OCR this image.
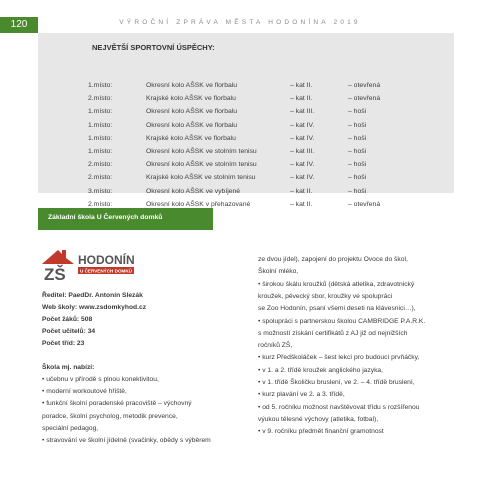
120	VÝROČNÍ ZPRÁVA MĚSTA HODONÍNA 2019
NEJVĚTŠÍ SPORTOVNÍ ÚSPĚCHY:
1.místo:	Okresní kolo AŠSK ve florbalu	– kat II.	– otevřená
2.místo:	Krajské kolo AŠSK ve florbalu	– kat II.	– otevřená
1.místo:	Okresní kolo AŠSK ve florbalu	– kat III.	– hoši
1.místo:	Okresní kolo AŠSK ve florbalu	– kat IV.	– hoši
1.místo:	Krajské kolo AŠSK ve florbalu	– kat IV.	– hoši
1.místo:	Okresní kolo AŠSK ve stolním tenisu	– kat III.	– hoši
2.místo:	Okresní kolo AŠSK ve stolním tenisu	– kat IV.	– hoši
2.místo:	Krajské kolo AŠSK ve stolním tenisu	– kat IV.	– hoši
3.místo:	Okresní kolo AŠSK ve vybíjené	– kat II.	– hoši
2.místo:	Okresní kolo AŠSK v přehazované	– kat II.	– otevřená
Základní škola U Červených domků
ZŠ
HODONÍN
U ČERVENÝCH DOMKŮ
Ředitel: PaedDr. Antonín Slezák
Web školy: www.zsdomkyhod.cz
Počet žáků: 508
Počet učitelů: 34
Počet tříd: 23
Škola mj. nabízí:
• učebnu v přírodě s plnou konektivitou,
• moderní workoutové hřiště,
• funkční školní poradenské pracoviště – výchovný
poradce, školní psycholog, metodik prevence,
speciální pedagog,
• stravování ve školní jídelně (svačinky, obědy s výběrem
ze dvou jídel), zapojení do projektu Ovoce do škol,
Školní mléko,
• širokou škálu kroužků (dětská atletika, zdravotnický
kroužek, pěvecký sbor, kroužky ve spolupráci
se Zoo Hodonín, psaní všemi deseti na klávesnici…),
• spolupráci s partnerskou školou CAMBRIDGE P.A.R.K.
s možností získání certifikátů z AJ již od nejnižších
ročníků ZŠ,
• kurz Předškoláček – šest lekcí pro budoucí prvňáčky,
• v 1. a 2. třídě kroužek anglického jazyka,
• v 1. třídě Školičku bruslení, ve 2. – 4. třídě bruslení,
• kurz plavání ve 2. a 3. třídě,
• od 5. ročníku možnost navštěvovat třídu s rozšířenou
výukou tělesné výchovy (atletika, fotbal),
• v 9. ročníku předmět finanční gramotnost
